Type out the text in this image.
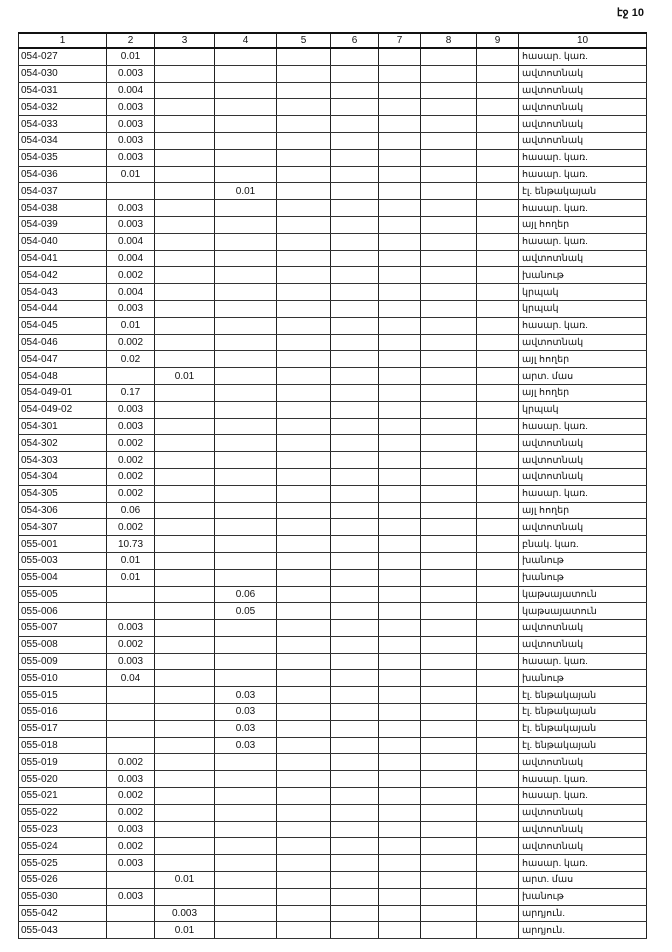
էջ 10
1	2	3	4	5	6	7	8	9	10
054-027	0.01								հասար. կառ.
054-030	0.003								ավտոտնակ
054-031	0.004								ավտոտնակ
054-032	0.003								ավտոտնակ
054-033	0.003								ավտոտնակ
054-034	0.003								ավտոտնակ
054-035	0.003								հասար. կառ.
054-036	0.01								հասար. կառ.
054-037			0.01						էլ. ենթակայան
054-038	0.003								հասար. կառ.
054-039	0.003								այլ հողեր
054-040	0.004								հասար. կառ.
054-041	0.004								ավտոտնակ
054-042	0.002								խանութ
054-043	0.004								կրպակ
054-044	0.003								կրպակ
054-045	0.01								հասար. կառ.
054-046	0.002								ավտոտնակ
054-047	0.02								այլ հողեր
054-048		0.01							արտ. մաս
054-049-01	0.17								այլ հողեր
054-049-02	0.003								կրպակ
054-301	0.003								հասար. կառ.
054-302	0.002								ավտոտնակ
054-303	0.002								ավտոտնակ
054-304	0.002								ավտոտնակ
054-305	0.002								հասար. կառ.
054-306	0.06								այլ հողեր
054-307	0.002								ավտոտնակ
055-001	10.73								բնակ. կառ.
055-003	0.01								խանութ
055-004	0.01								խանութ
055-005			0.06						կաթսայատուն
055-006			0.05						կաթսայատուն
055-007	0.003								ավտոտնակ
055-008	0.002								ավտոտնակ
055-009	0.003								հասար. կառ.
055-010	0.04								խանութ
055-015			0.03						էլ. ենթակայան
055-016			0.03						էլ. ենթակայան
055-017			0.03						էլ. ենթակայան
055-018			0.03						էլ. ենթակայան
055-019	0.002								ավտոտնակ
055-020	0.003								հասար. կառ.
055-021	0.002								հասար. կառ.
055-022	0.002								ավտոտնակ
055-023	0.003								ավտոտնակ
055-024	0.002								ավտոտնակ
055-025	0.003								հասար. կառ.
055-026		0.01							արտ. մաս
055-030	0.003								խանութ
055-042		0.003							արդյուն.
055-043		0.01							արդյուն.
